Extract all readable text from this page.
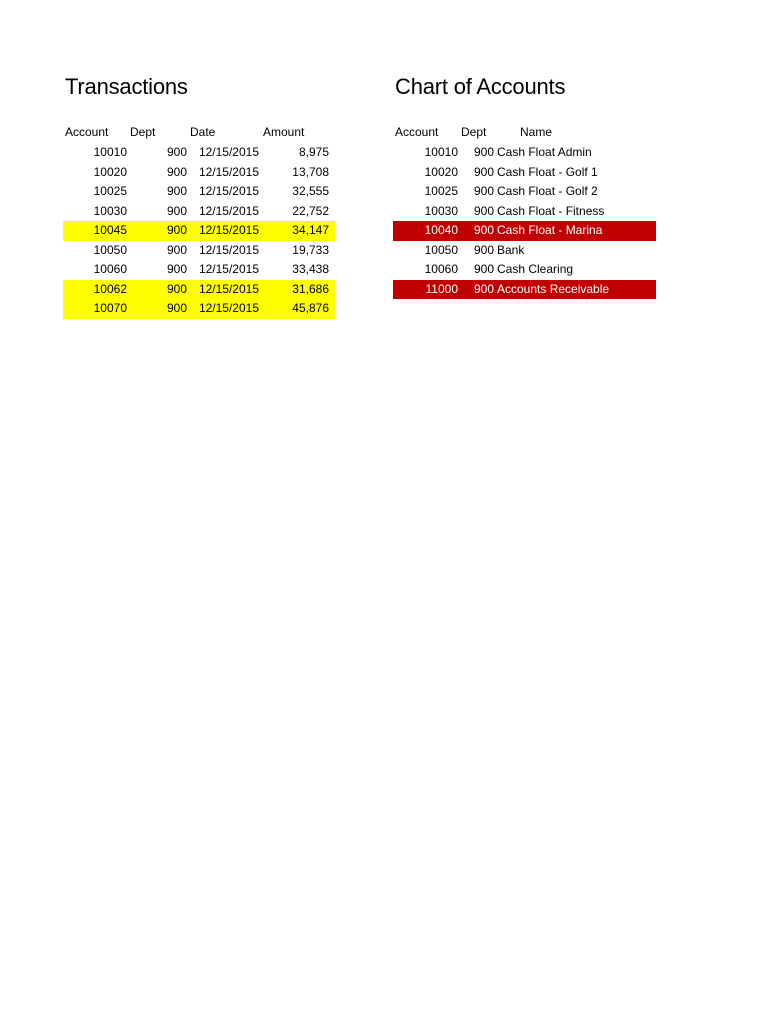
Transactions	Chart of Accounts
Account Dept	Date	Amount
10010	900 12/15/2015	8,975
10020	900 12/15/2015	13,708
10025	900 12/15/2015	32,555
10030	900 12/15/2015	22,752
10045	900 12/15/2015	34,147
10050	900 12/15/2015	19,733
10060	900 12/15/2015	33,438
10062	900 12/15/2015	31,686
10070	900 12/15/2015	45,876
Account Dept	Name
10010	900 Cash Float Admin
10020	900 Cash Float - Golf 1
10025	900 Cash Float - Golf 2
10030	900 Cash Float - Fitness
10040	900 Cash Float - Marina
10050	900 Bank
10060	900 Cash Clearing
11000	900 Accounts Receivable
